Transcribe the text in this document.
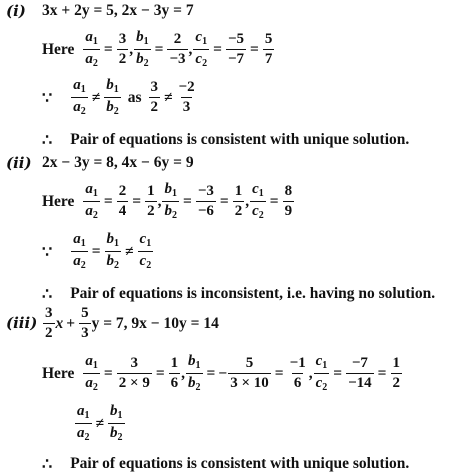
(i) 3x + 2y = 5, 2x − 3y = 7
Here $\frac{a_1}{a_2} = \frac{3}{2}$ , $\frac{b_1}{b_2} = \frac{2}{-3}$ , $\frac{c_1}{c_2} = \frac{-5}{-7} = \frac{5}{7}$
∵ $\frac{a_1}{a_2} \ne \frac{b_1}{b_2}$ as $\frac{3}{2} \ne \frac{-2}{3}$
∴ Pair of equations is consistent with unique solution.
(ii) 2x − 3y = 8, 4x − 6y = 9
Here $\frac{a_1}{a_2} = \frac{2}{4} = \frac{1}{2}$ , $\frac{b_1}{b_2} = \frac{-3}{-6} = \frac{1}{2}$ , $\frac{c_1}{c_2} = \frac{8}{9}$
∵ $\frac{a_1}{a_2} = \frac{b_1}{b_2} \ne \frac{c_1}{c_2}$
∴ Pair of equations is inconsistent, i.e. having no solution.
$(iii) \frac{3}{2}$ $x + \frac{5}{3}$ y = 7, 9x − 10y = 14
Here $\frac{a_1}{a_2} = \frac{3}{2 \times 9} = \frac{1}{6}$ , $\frac{b_1}{b_2}$ = − $\frac{5}{3 \times 10} = \frac{-1}{6}$ , $\frac{c_1}{c_2} = \frac{-7}{-14} = \frac{1}{2}$
$\frac{a_1}{a_2} \ne \frac{b_1}{b_2}$
∴ Pair of equations is consistent with unique solution.
